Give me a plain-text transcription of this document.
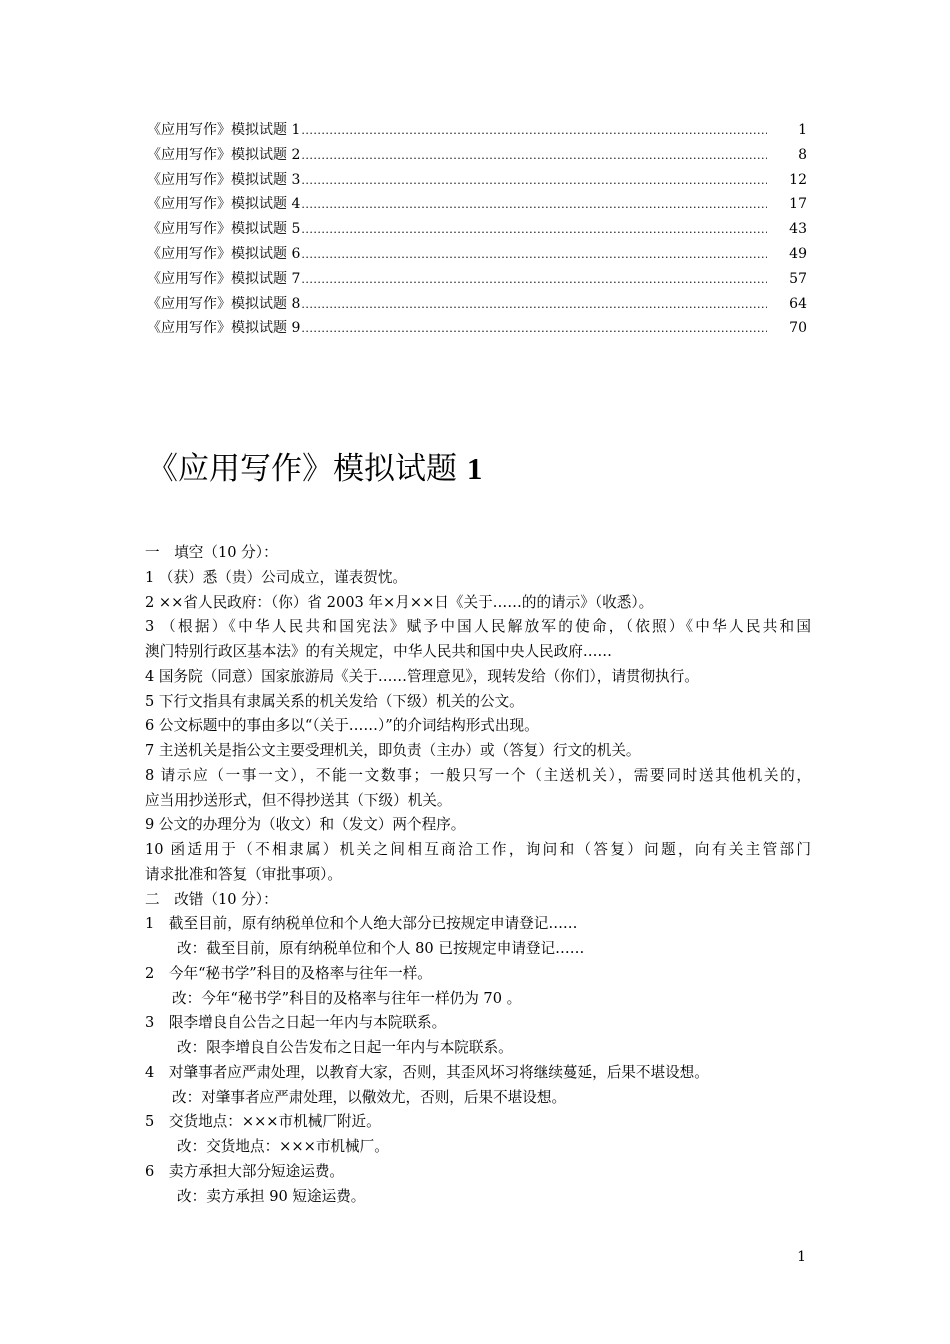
《应用写作》模拟试题 1 .....	1
《应用写作》模拟试题 2 .....	8
《应用写作》模拟试题 3 .....	12
《应用写作》模拟试题 4 .....	17
《应用写作》模拟试题 5 .....	43
《应用写作》模拟试题 6 .....	49
《应用写作》模拟试题 7 .....	57
《应用写作》模拟试题 8 .....	64
《应用写作》模拟试题 9 .....	70
《应用写作》模拟试题 1
一　填空（10 分）：
1 （获）悉（贵）公司成立，谨表贺忱。
2 ××省人民政府：（你）省 2003 年×月××日《关于……的的请示》（收悉）。
3 （根据）《中华人民共和国宪法》赋予中国人民解放军的使命，（依照）《中华人民共和国
澳门特别行政区基本法》的有关规定，中华人民共和国中央人民政府……
4 国务院（同意）国家旅游局《关于……管理意见》，现转发给（你们），请贯彻执行。
5 下行文指具有隶属关系的机关发给（下级）机关的公文。
6 公文标题中的事由多以“（关于……）”的介词结构形式出现。
7 主送机关是指公文主要受理机关，即负责（主办）或（答复）行文的机关。
8 请示应（一事一文），不能一文数事；一般只写一个（主送机关），需要同时送其他机关的，
应当用抄送形式，但不得抄送其（下级）机关。
9 公文的办理分为（收文）和（发文）两个程序。
10 函适用于（不相隶属）机关之间相互商洽工作，询问和（答复）问题，向有关主管部门
请求批准和答复（审批事项）。
二　改错（10 分）：
1　截至目前，原有纳税单位和个人绝大部分已按规定申请登记……
改：截至目前，原有纳税单位和个人 80 已按规定申请登记……
2　今年“秘书学”科目的及格率与往年一样。
改：今年“秘书学”科目的及格率与往年一样仍为 70 。
3　限李增良自公告之日起一年内与本院联系。
改：限李增良自公告发布之日起一年内与本院联系。
4　对肇事者应严肃处理，以教育大家，否则，其歪风坏习将继续蔓延，后果不堪设想。
改：对肇事者应严肃处理，以儆效尤，否则，后果不堪设想。
5　交货地点：×××市机械厂附近。
改：交货地点：×××市机械厂。
6　卖方承担大部分短途运费。
改：卖方承担 90 短途运费。
1
